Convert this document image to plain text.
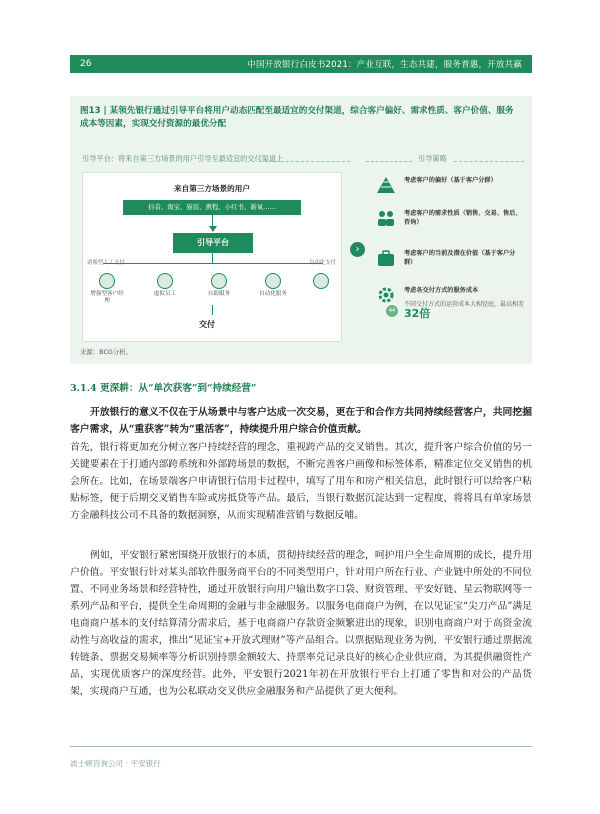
26	中国开放银行白皮书2021：产业互联，生态共建，服务普惠，开放共赢
图13 | 某领先银行通过引导平台将用户动态匹配至最适宜的交付渠道，综合客户偏好、需求性质、客户价值、服务成本等因素，实现交付资源的最优分配
引导平台：将来自第三方场景的用户引导至最适宜的交付渠道上	引导策略
来自第三方场景的用户
抖音、淘宝、猫饭、携程、小红书、新氧……
引导平台
诸像型人工支付	自动化支付
增强型客户经理
虚拟员工	自助服务	自动化服务
交付
›
考虑客户的偏好（基于客户分群）
考虑客户的需求性质（销售、交易、售后、咨询）
考虑客户的当前及潜在价值（基于客户分群）
考虑各交付方式的服务成本
44
不同交付方式的运营成本大相径庭，最高相差 32倍
来源：BCG分析。
3.1.4 更深耕：从“单次获客”到“持续经营”
开放银行的意义不仅在于从场景中与客户达成一次交易，更在于和合作方共同持续经营客户，共同挖掘客户需求，从“重获客”转为“重活客”，持续提升用户综合价值贡献。
首先，银行将更加充分树立客户持续经营的理念，重视跨产品的交叉销售。其次，提升客户综合价值的另一关键要素在于打通内部跨系统和外部跨场景的数据，不断完善客户画像和标签体系，精准定位交叉销售的机会所在。比如，在场景端客户申请银行信用卡过程中，填写了用车和房产相关信息，此时银行可以给客户粘贴标签，便于后期交叉销售车险或房抵贷等产品。最后，当银行数据沉淀达到一定程度，将将具有单家场景方金融科技公司不具备的数据洞察，从而实现精准营销与数据反哺。
例如，平安银行紧密围绕开放银行的本质，贯彻持续经营的理念，呵护用户全生命周期的成长，提升用户价值。平安银行针对某头部软件服务商平台的不同类型用户，针对用户所在行业、产业链中所处的不同位置、不同业务场景和经营特性，通过开放银行向用户输出数字口袋、财资管理、平安好链、星云物联网等一系列产品和平台，提供全生命周期的金融与非金融服务。以服务电商商户为例，在以见证宝“尖刀产品”满足电商商户基本的支付结算清分需求后，基于电商商户存款资金频繁进出的现象，识别电商商户对于高资金流动性与高收益的需求，推出“见证宝+开放式理财”等产品组合。以票据贴现业务为例，平安银行通过票据流转链条、票据交易频率等分析识别持票金额较大、持票率兑记录良好的核心企业供应商，为其提供融资性产品，实现优质客户的深度经营。此外，平安银行2021年初在开放银行平台上打通了零售和对公的产品货架，实现商户互通，也为公私联动交叉供应金融服务和产品提供了更大便利。
波士顿咨询公司 · 平安银行
